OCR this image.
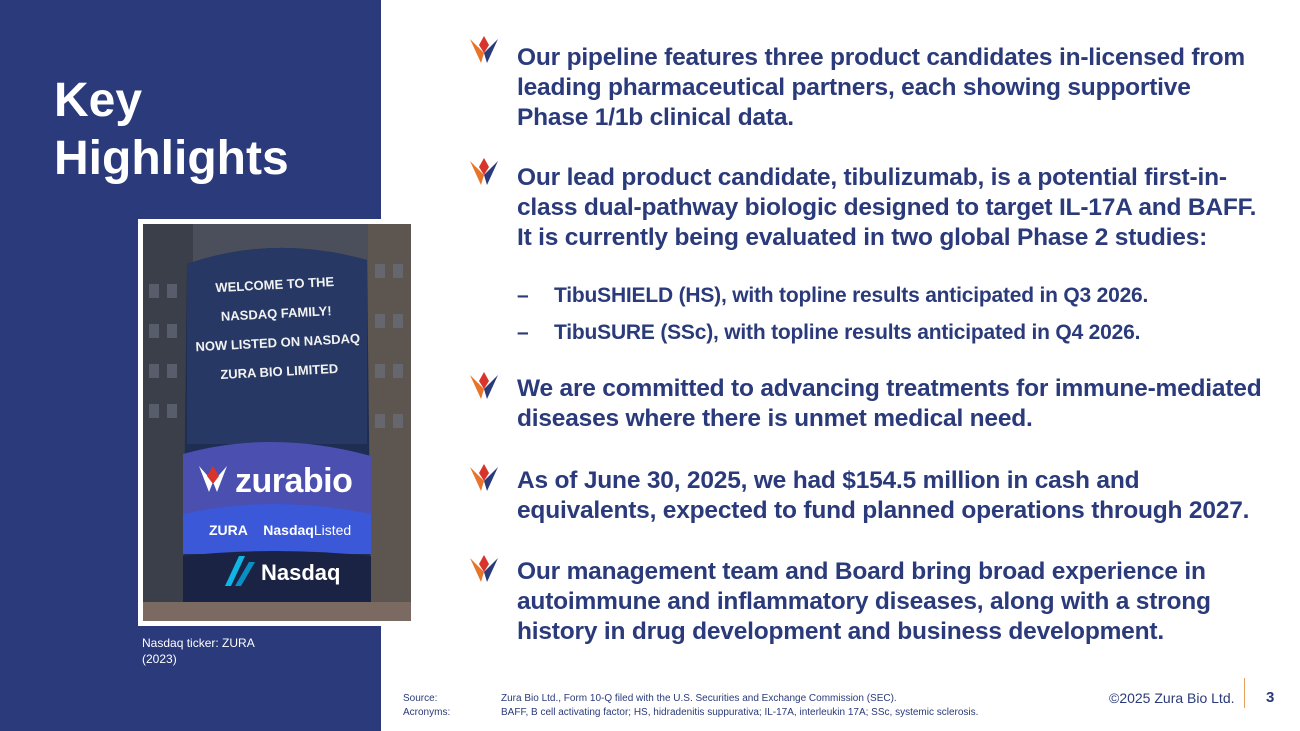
Key Highlights
WELCOME TO THE
NASDAQ FAMILY!
NOW LISTED ON NASDAQ
ZURA BIO LIMITED
zurabio
ZURA NasdaqListed
Nasdaq
Nasdaq ticker: ZURA
(2023)
Our pipeline features three product candidates in-licensed from leading pharmaceutical partners, each showing supportive Phase 1/1b clinical data.
Our lead product candidate, tibulizumab, is a potential first-in-class dual-pathway biologic designed to target IL-17A and BAFF. It is currently being evaluated in two global Phase 2 studies:
–	TibuSHIELD (HS), with topline results anticipated in Q3 2026.
–	TibuSURE (SSc), with topline results anticipated in Q4 2026.
We are committed to advancing treatments for immune-mediated diseases where there is unmet medical need.
As of June 30, 2025, we had $154.5 million in cash and equivalents, expected to fund planned operations through 2027.
Our management team and Board bring broad experience in autoimmune and inflammatory diseases, along with a strong history in drug development and business development.
Source:
Acronyms:
Zura Bio Ltd., Form 10-Q filed with the U.S. Securities and Exchange Commission (SEC).
BAFF, B cell activating factor; HS, hidradenitis suppurativa; IL-17A, interleukin 17A; SSc, systemic sclerosis.
©2025 Zura Bio Ltd. 3
